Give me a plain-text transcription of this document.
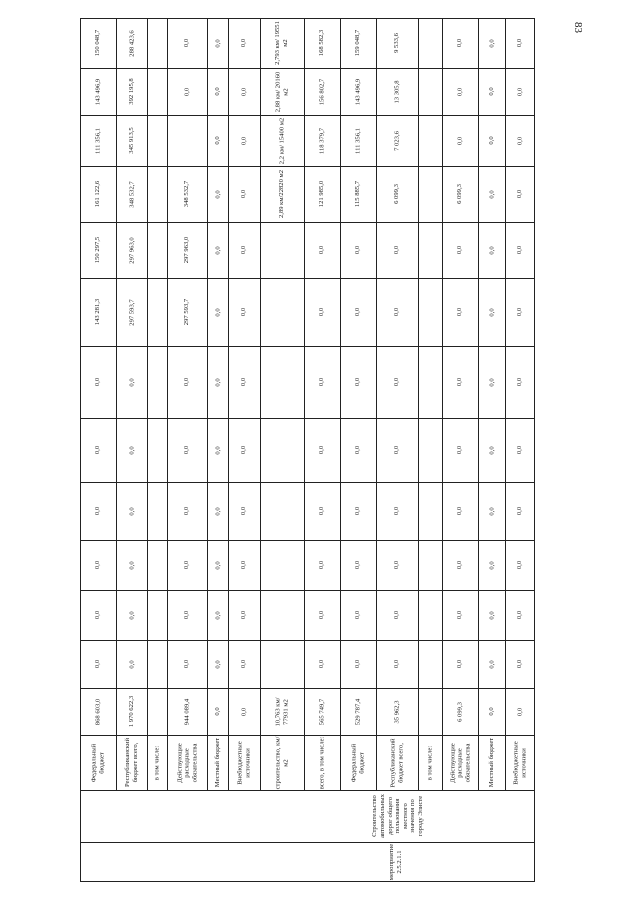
83
мероприятие 2.5.2.1.1
Строительство автомобильных дорог общего пользования местного значения по городу Элисте
Федеральный бюджет
868 603,0
0,0
0,0
0,0
0,0
0,0
0,0
143 281,3
150 297,5
161 122,6
111 356,1
143 496,9
150 048,7
Республиканский бюджет всего,
1 970 622,3
0,0
0,0
0,0
0,0
0,0
0,0
297 593,7
297 963,0
348 532,7
345 913,5
392 195,8
288 423,6
в том числе:	Действующие расходные обязательства
944 089,4
0,0
0,0
0,0
0,0
0,0
0,0
297 593,7
297 963,0
348 532,7
0,0
0,0
Местный бюджет
0,0
0,0
0,0
0,0
0,0
0,0
0,0
0,0
0,0
0,0
0,0
0,0
0,0
Внебюджетные источники
0,0
0,0
0,0
0,0
0,0
0,0
0,0
0,0
0,0
0,0
0,0
0,0
0,0
строительство, км/м2
10,763 км/ 77931 м2
2,89 км/22820 м2
2,2 км/ 15400 м2
2,88 км/ 20160 м2
2,793 км/ 19551 м2
всего, в том числе:
565 749,7
0,0
0,0
0,0
0,0
0,0
0,0
0,0
0,0
121 985,0
118 379,7
156 802,7
168 582,3
Федеральный бюджет
529 787,4
0,0
0,0
0,0
0,0
0,0
0,0
0,0
0,0
115 885,7
111 356,1
143 496,9
159 048,7
Республиканский бюджет всего,
35 962,3
0,0
0,0
0,0
0,0
0,0
0,0
0,0
0,0
6 099,3
7 023,6
13 305,8
9 533,6
в том числе:	Действующие расходные обязательства
6 099,3
0,0
0,0
0,0
0,0
0,0
0,0
0,0
0,0
6 099,3
0,0
0,0
0,0
Местный бюджет
0,0
0,0
0,0
0,0
0,0
0,0
0,0
0,0
0,0
0,0
0,0
0,0
0,0
Внебюджетные источники
0,0
0,0
0,0
0,0
0,0
0,0
0,0
0,0
0,0
0,0
0,0
0,0
0,0
